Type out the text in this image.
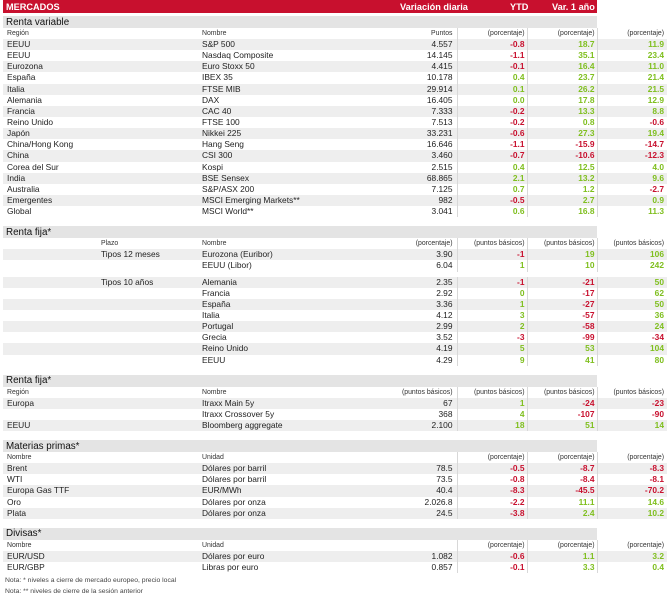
MERCADOS	Variación diaria	YTD	Var. 1 año
Renta variable
Región		Nombre	Puntos	(porcentaje)	(porcentaje)	(porcentaje)
EEUU		S&P 500	4.557	-0.8	18.7	11.9
EEUU		Nasdaq Composite	14.145	-1.1	35.1	23.4
Eurozona		Euro Stoxx 50	4.415	-0.1	16.4	11.0
España		IBEX 35	10.178	0.4	23.7	21.4
Italia		FTSE MIB	29.914	0.1	26.2	21.5
Alemania		DAX	16.405	0.0	17.8	12.9
Francia		CAC 40	7.333	-0.2	13.3	8.8
Reino Unido		FTSE 100	7.513	-0.2	0.8	-0.6
Japón		Nikkei 225	33.231	-0.6	27.3	19.4
China/Hong Kong		Hang Seng	16.646	-1.1	-15.9	-14.7
China		CSI 300	3.460	-0.7	-10.6	-12.3
Corea del Sur		Kospi	2.515	0.4	12.5	4.0
India		BSE Sensex	68.865	2.1	13.2	9.6
Australia		S&P/ASX 200	7.125	0.7	1.2	-2.7
Emergentes		MSCI Emerging Markets**	982	-0.5	2.7	0.9
Global		MSCI World**	3.041	0.6	16.8	11.3
Renta fija*
	Plazo	Nombre	(porcentaje)	(puntos básicos)	(puntos básicos)	(puntos básicos)
	Tipos 12 meses	Eurozona (Euribor)	3.90	-1	19	106
		EEUU (Libor)	6.04	1	10	242

	Tipos 10 años	Alemania	2.35	-1	-21	50
		Francia	2.92	0	-17	62
		España	3.36	1	-27	50
		Italia	4.12	3	-57	36
		Portugal	2.99	2	-58	24
		Grecia	3.52	-3	-99	-34
		Reino Unido	4.19	5	53	104
		EEUU	4.29	9	41	80
Renta fija*
Región		Nombre	(puntos básicos)	(puntos básicos)	(puntos básicos)	(puntos básicos)
Europa		Itraxx Main 5y	67	1	-24	-23
		Itraxx Crossover 5y	368	4	-107	-90
EEUU		Bloomberg aggregate	2.100	18	51	14
Materias primas*
Nombre		Unidad		(porcentaje)	(porcentaje)	(porcentaje)
Brent		Dólares por barril	78.5	-0.5	-8.7	-8.3
WTI		Dólares por barril	73.5	-0.8	-8.4	-8.1
Europa Gas TTF		EUR/MWh	40.4	-8.3	-45.5	-70.2
Oro		Dólares por onza	2.026.8	-2.2	11.1	14.6
Plata		Dólares por onza	24.5	-3.8	2.4	10.2
Divisas*
Nombre		Unidad		(porcentaje)	(porcentaje)	(porcentaje)
EUR/USD		Dólares por euro	1.082	-0.6	1.1	3.2
EUR/GBP		Libras por euro	0.857	-0.1	3.3	0.4
Nota: * niveles a cierre de mercado europeo, precio local
Nota: ** niveles de cierre de la sesión anterior
